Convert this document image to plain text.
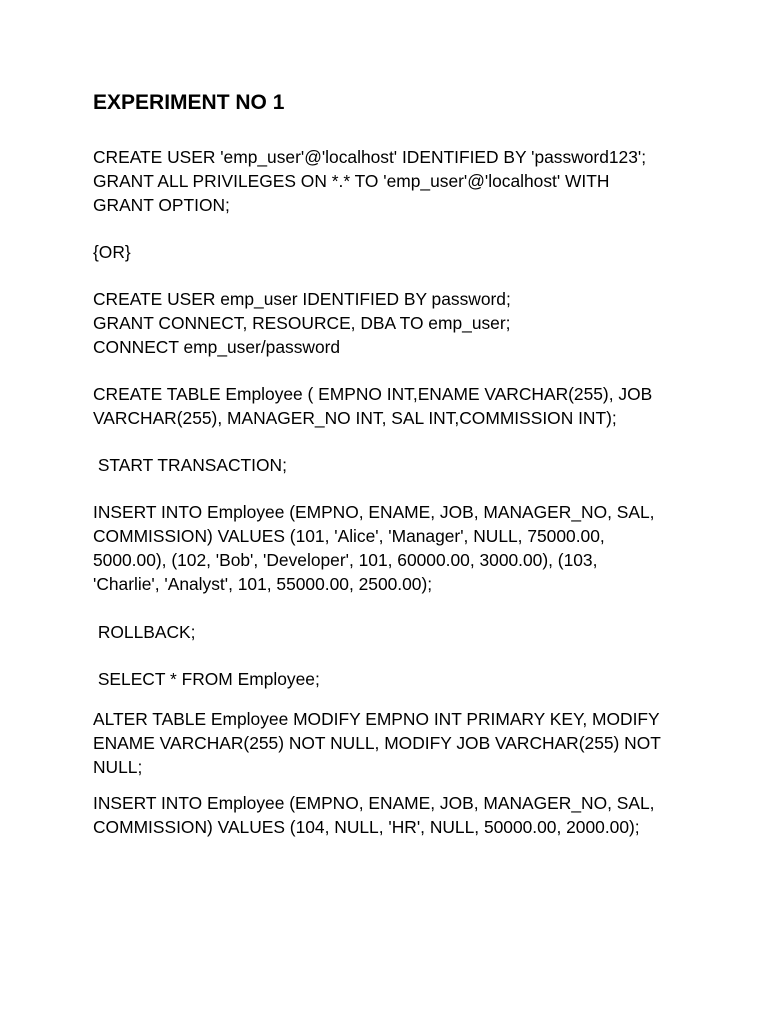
EXPERIMENT NO 1

CREATE USER 'emp_user'@'localhost' IDENTIFIED BY 'password123';

GRANT ALL PRIVILEGES ON *.* TO 'emp_user'@'localhost' WITH

GRANT OPTION;

{OR}

CREATE USER emp_user IDENTIFIED BY password;

GRANT CONNECT, RESOURCE, DBA TO emp_user;

CONNECT emp_user/password

CREATE TABLE Employee ( EMPNO INT,ENAME VARCHAR(255), JOB

VARCHAR(255), MANAGER_NO INT, SAL INT,COMMISSION INT);

START TRANSACTION;

INSERT INTO Employee (EMPNO, ENAME, JOB, MANAGER_NO, SAL,

COMMISSION) VALUES (101, 'Alice', 'Manager', NULL, 75000.00,

5000.00), (102, 'Bob', 'Developer', 101, 60000.00, 3000.00), (103,

'Charlie', 'Analyst', 101, 55000.00, 2500.00);

ROLLBACK;

SELECT * FROM Employee;

ALTER TABLE Employee MODIFY EMPNO INT PRIMARY KEY, MODIFY

ENAME VARCHAR(255) NOT NULL, MODIFY JOB VARCHAR(255) NOT

NULL;

INSERT INTO Employee (EMPNO, ENAME, JOB, MANAGER_NO, SAL,

COMMISSION) VALUES (104, NULL, 'HR', NULL, 50000.00, 2000.00);
